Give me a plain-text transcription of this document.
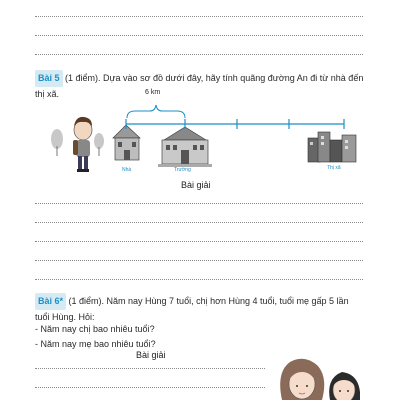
Bài 5 (1 điểm). Dựa vào sơ đồ dưới đây, hãy tính quãng đường An đi từ nhà đến thị xã.	6 km
Nhà	Trường	Thị xã
Bài giải
Bài 6* (1 điểm). Năm nay Hùng 7 tuổi, chị hơn Hùng 4 tuổi, tuổi mẹ gấp 5 lần tuổi Hùng. Hỏi:
- Năm nay chị bao nhiêu tuổi?
- Năm nay mẹ bao nhiêu tuổi?
Bài giải
